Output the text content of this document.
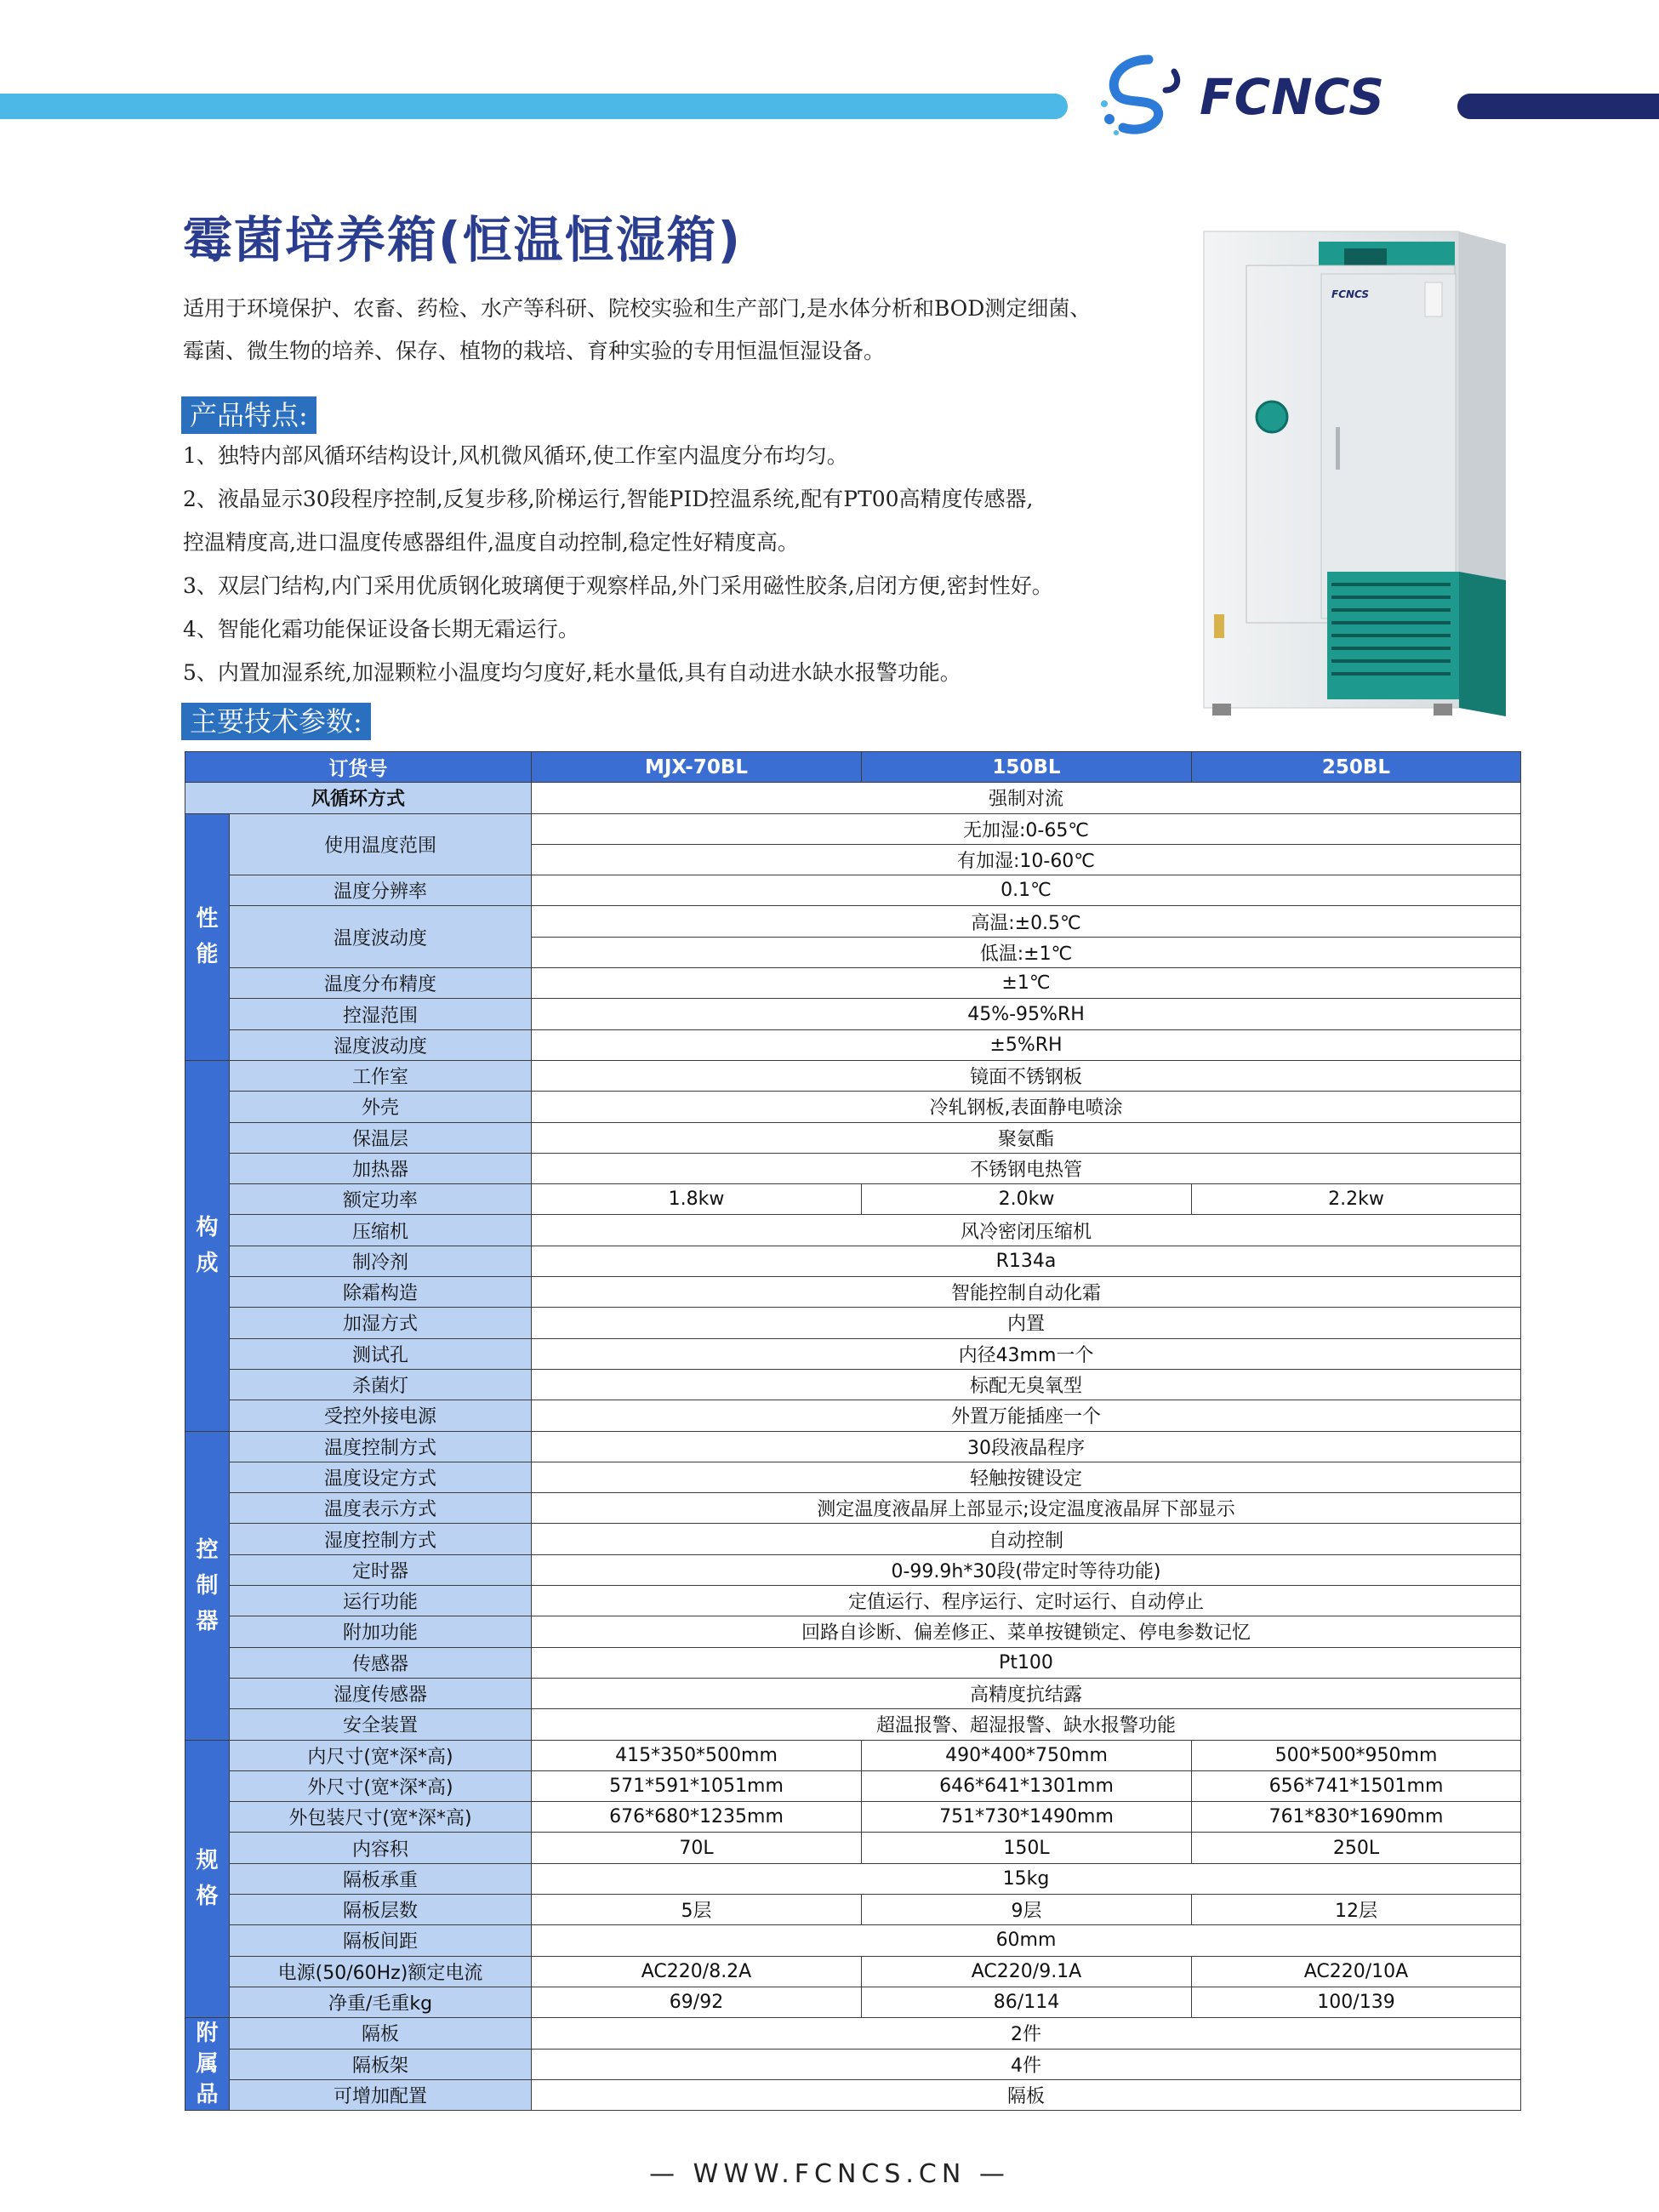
FCNCS
霉菌培养箱(恒温恒湿箱)
适用于环境保护、农畜、药检、水产等科研、院校实验和生产部门,是水体分析和BOD测定细菌、
霉菌、微生物的培养、保存、植物的栽培、育种实验的专用恒温恒湿设备。
产品特点:
1、独特内部风循环结构设计,风机微风循环,使工作室内温度分布均匀。
2、液晶显示30段程序控制,反复步移,阶梯运行,智能PID控温系统,配有PT00高精度传感器,
控温精度高,进口温度传感器组件,温度自动控制,稳定性好精度高。
3、双层门结构,内门采用优质钢化玻璃便于观察样品,外门采用磁性胶条,启闭方便,密封性好。
4、智能化霜功能保证设备长期无霜运行。
5、内置加湿系统,加湿颗粒小温度均匀度好,耗水量低,具有自动进水缺水报警功能。
主要技术参数:
FCNCS
订货号		MJX-70BL	150BL	250BL
风循环方式		强制对流		
性
能	使用温度范围	无加湿:0-65℃		
		有加湿:10-60℃		
	温度分辨率	0.1℃		
	温度波动度	高温:±0.5℃		
		低温:±1℃		
	温度分布精度	±1℃		
	控湿范围	45%-95%RH		
	湿度波动度	±5%RH		
构
成	工作室	镜面不锈钢板		
	外壳	冷轧钢板,表面静电喷涂		
	保温层	聚氨酯		
	加热器	不锈钢电热管		
	额定功率	1.8kw	2.0kw	2.2kw
	压缩机	风冷密闭压缩机		
	制冷剂	R134a		
	除霜构造	智能控制自动化霜		
	加湿方式	内置		
	测试孔	内径43mm一个		
	杀菌灯	标配无臭氧型		
	受控外接电源	外置万能插座一个		
控
制
器	温度控制方式	30段液晶程序		
	温度设定方式	轻触按键设定		
	温度表示方式	测定温度液晶屏上部显示;设定温度液晶屏下部显示		
	湿度控制方式	自动控制		
	定时器	0-99.9h*30段(带定时等待功能)		
	运行功能	定值运行、程序运行、定时运行、自动停止		
	附加功能	回路自诊断、偏差修正、菜单按键锁定、停电参数记忆		
	传感器	Pt100		
	湿度传感器	高精度抗结露		
	安全装置	超温报警、超湿报警、缺水报警功能		
规
格	内尺寸(宽*深*高)	415*350*500mm	490*400*750mm	500*500*950mm
	外尺寸(宽*深*高)	571*591*1051mm	646*641*1301mm	656*741*1501mm
	外包装尺寸(宽*深*高)	676*680*1235mm	751*730*1490mm	761*830*1690mm
	内容积	70L	150L	250L
	隔板承重	15kg		
	隔板层数	5层	9层	12层
	隔板间距	60mm		
	电源(50/60Hz)额定电流	AC220/8.2A	AC220/9.1A	AC220/10A
	净重/毛重kg	69/92	86/114	100/139
附
属
品	隔板	2件		
	隔板架	4件		
	可增加配置	隔板		
— WWW.FCNCS.CN —
